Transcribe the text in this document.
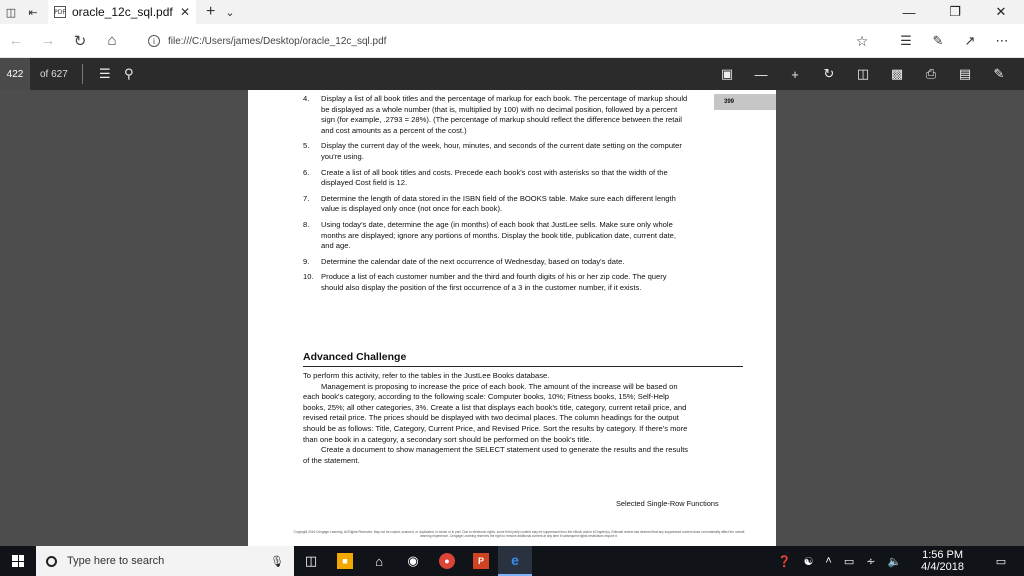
◫	⇤	PDF oracle_12c_sql.pdf ✕ + ⌄	—	❐	✕
←	→	↻	⌂	i	file:///C:/Users/james/Desktop/oracle_12c_sql.pdf	☆	☰	✎	↗	⋯
422	of 627	☰	⚲	▣	—	+	↻	◫	▩	⎙	▤	✎
399
4. Display a list of all book titles and the percentage of markup for each book. The percentage of markup should be displayed as a whole number (that is, multiplied by 100) with no decimal position, followed by a percent sign (for example, .2793 = 28%). (The percentage of markup should reflect the difference between the retail and cost amounts as a percent of the cost.)
5. Display the current day of the week, hour, minutes, and seconds of the current date setting on the computer you're using.
6. Create a list of all book titles and costs. Precede each book's cost with asterisks so that the width of the displayed Cost field is 12.
7. Determine the length of data stored in the ISBN field of the BOOKS table. Make sure each different length value is displayed only once (not once for each book).
8. Using today's date, determine the age (in months) of each book that JustLee sells. Make sure only whole months are displayed; ignore any portions of months. Display the book title, publication date, current date, and age.
9. Determine the calendar date of the next occurrence of Wednesday, based on today's date.
10. Produce a list of each customer number and the third and fourth digits of his or her zip code. The query should also display the position of the first occurrence of a 3 in the customer number, if it exists.
Advanced Challenge

To perform this activity, refer to the tables in the JustLee Books database.

Management is proposing to increase the price of each book. The amount of the increase will be based on each book's category, according to the following scale: Computer books, 10%; Fitness books, 15%; Self-Help books, 25%; all other categories, 3%. Create a list that displays each book's title, category, current retail price, and revised retail price. The prices should be displayed with two decimal places. The column headings for the output should be as follows: Title, Category, Current Price, and Revised Price. Sort the results by category. If there's more than one book in a category, a secondary sort should be performed on the book's title.

Create a document to show management the SELECT statement used to generate the results and the results of the statement.

Selected Single-Row Functions
Copyright 2016 Cengage Learning. All Rights Reserved. May not be copied, scanned, or duplicated, in whole or in part. Due to electronic rights, some third party content may be suppressed from the eBook and/or eChapter(s). Editorial review has deemed that any suppressed content does not materially affect the overall learning experience. Cengage Learning reserves the right to remove additional content at any time if subsequent rights restrictions require it.
Type here to search	🎙	◫	■	⌂	◉	●	P	e	❓ ☯ ˄ ▭ ∻ 🔈
1:56 PM
4/4/2018	▭
